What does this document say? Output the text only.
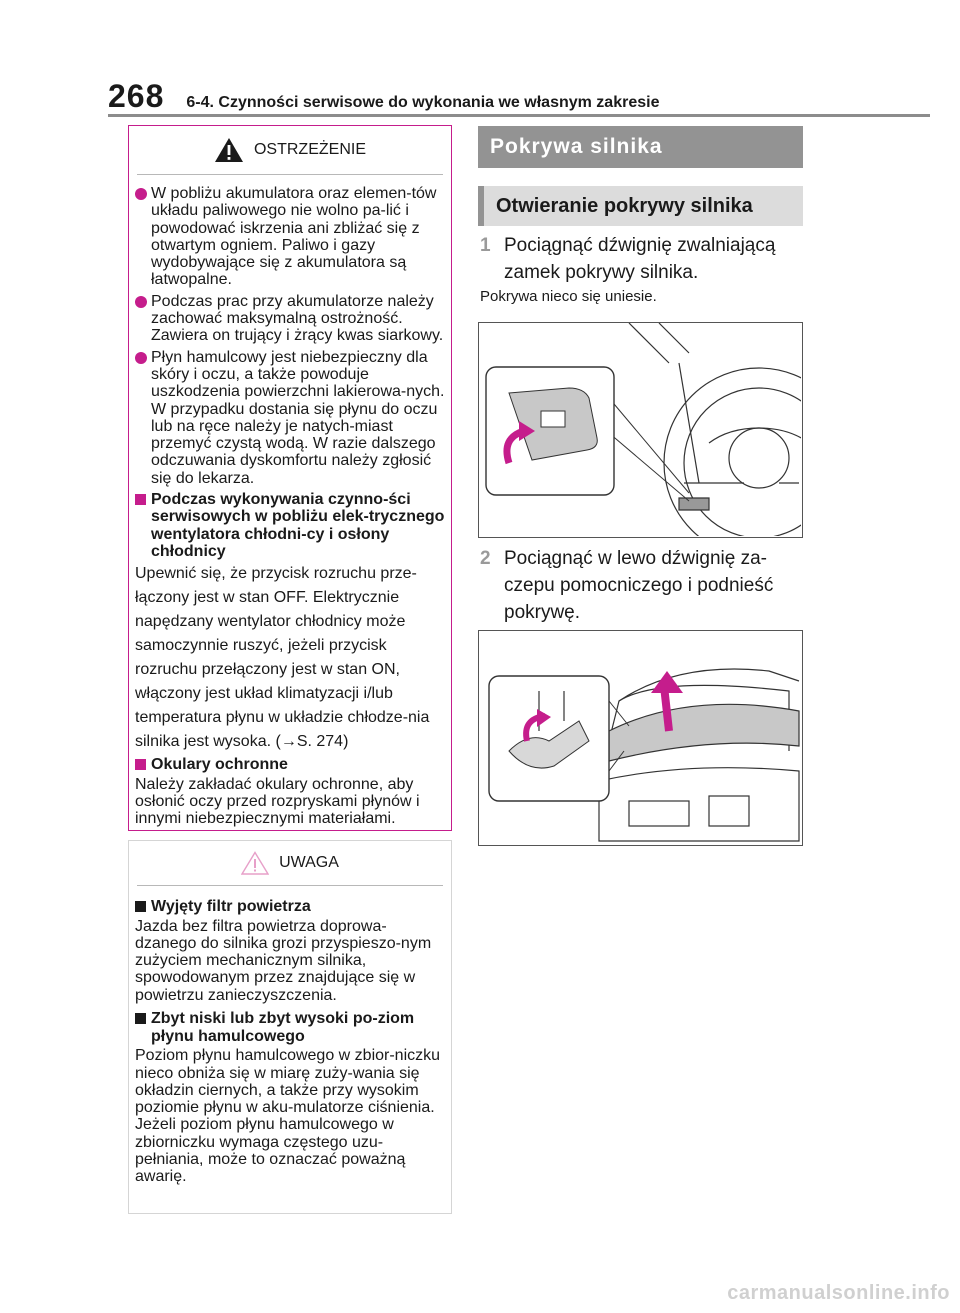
268 6-4. Czynności serwisowe do wykonania we własnym zakresie
OSTRZEŻENIE
W pobliżu akumulatora oraz elemen-tów układu paliwowego nie wolno pa-lić i powodować iskrzenia ani zbliżać się z otwartym ogniem. Paliwo i gazy wydobywające się z akumulatora są łatwopalne.
Podczas prac przy akumulatorze należy zachować maksymalną ostrożność. Zawiera on trujący i żrący kwas siarkowy.
Płyn hamulcowy jest niebezpieczny dla skóry i oczu, a także powoduje uszkodzenia powierzchni lakierowa-nych. W przypadku dostania się płynu do oczu lub na ręce należy je natych-miast przemyć czystą wodą. W razie dalszego odczuwania dyskomfortu należy zgłosić się do lekarza.
Podczas wykonywania czynno-ści serwisowych w pobliżu elek-trycznego wentylatora chłodni-cy i osłony chłodnicy
Upewnić się, że przycisk rozruchu prze-łączony jest w stan OFF. Elektrycznie napędzany wentylator chłodnicy może samoczynnie ruszyć, jeżeli przycisk rozruchu przełączony jest w stan ON, włączony jest układ klimatyzacji i/lub temperatura płynu w układzie chłodze-nia silnika jest wysoka. (→S. 274)
Okulary ochronne
Należy zakładać okulary ochronne, aby osłonić oczy przed rozpryskami płynów i innymi niebezpiecznymi materiałami.
UWAGA
Wyjęty filtr powietrza
Jazda bez filtra powietrza doprowa-dzanego do silnika grozi przyspieszo-nym zużyciem mechanicznym silnika, spowodowanym przez znajdujące się w powietrzu zanieczyszczenia.
Zbyt niski lub zbyt wysoki po-ziom płynu hamulcowego
Poziom płynu hamulcowego w zbior-niczku nieco obniża się w miarę zuży-wania się okładzin ciernych, a także przy wysokim poziomie płynu w aku-mulatorze ciśnienia. Jeżeli poziom płynu hamulcowego w zbiorniczku wymaga częstego uzu-pełniania, może to oznaczać poważną awarię.
Pokrywa silnika
Otwieranie pokrywy silnika
1 Pociągnąć dźwignię zwalniającą zamek pokrywy silnika.
Pokrywa nieco się uniesie.
2 Pociągnąć w lewo dźwignię za-czepu pomocniczego i podnieść pokrywę.
carmanualsonline.info
